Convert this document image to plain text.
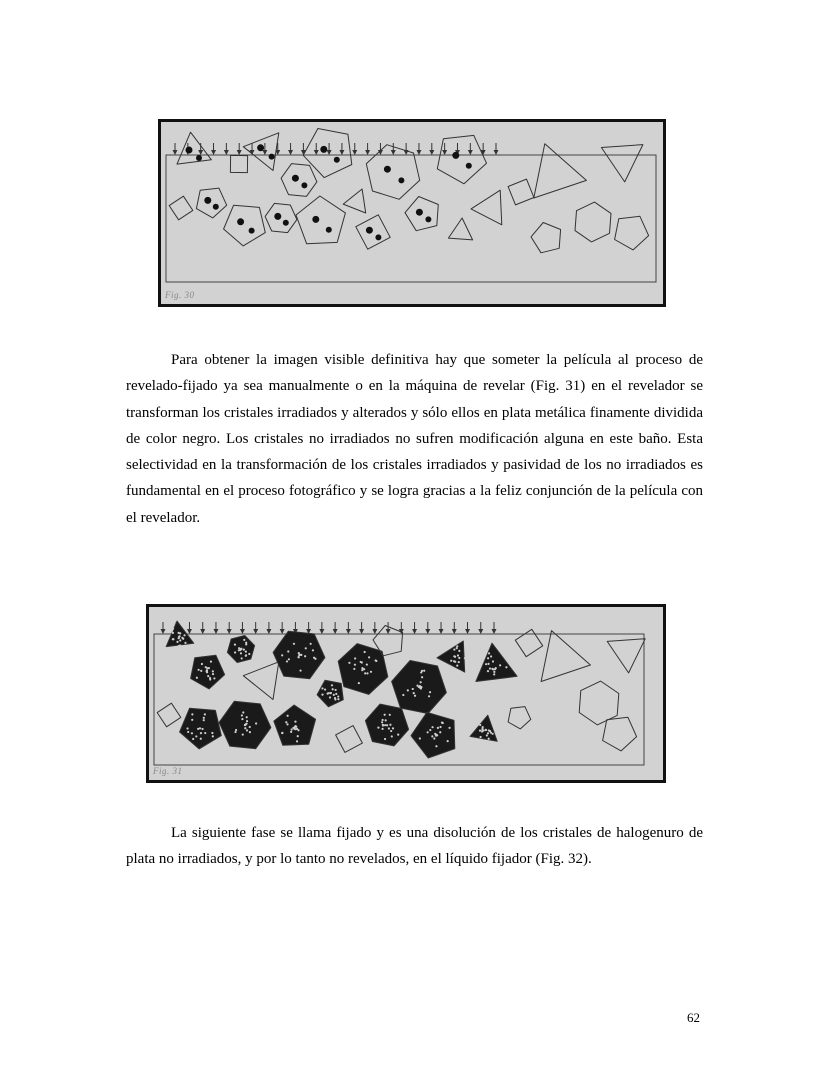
Fig. 30

Para obtener la imagen visible definitiva hay que someter la película al proceso de
revelado-fijado ya sea manualmente o en la máquina de revelar (Fig. 31) en el revelador se
transforman los cristales irradiados y alterados y sólo ellos en plata metálica finamente dividida
de color negro. Los cristales no irradiados no sufren modificación alguna en este baño. Esta
selectividad en la transformación de los cristales irradiados y pasividad de los no irradiados es
fundamental en el proceso fotográfico y se logra gracias a la feliz conjunción de la película con
el revelador.

Fig. 31

La siguiente fase se llama fijado y es una disolución de los cristales de halogenuro de
plata no irradiados, y por lo tanto no revelados, en el líquido fijador (Fig. 32).

62
